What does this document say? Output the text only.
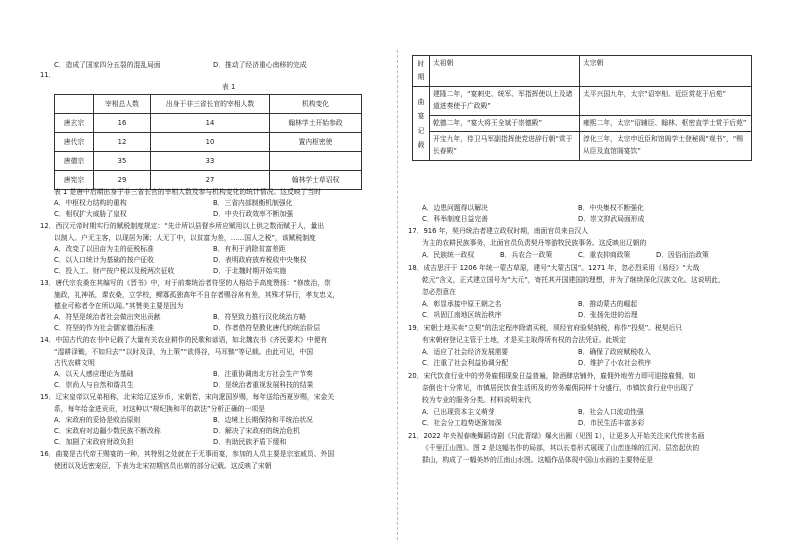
C．造成了国家四分五裂的混乱局面	D．推动了经济重心南移的完成
11．
表 1
	宰相总人数	出身于非三省长官的宰相人数	机构变化
唐玄宗	16	14	翰林学士开始参政
唐代宗	12	10	置内枢密使
唐德宗	35	33	
唐宪宗	29	27	翰林学士草诏权
表 1 是唐中后期出身于非三省长官的宰相人数及参与机构变化的统计情况。这反映了当时
A．中枢权力结构的重构	B．三省内部制衡机制强化
C．相权扩大威胁了皇权	D．中央行政效率不断加强
12．西汉元帝时期实行的赋税制度规定：“先计所以县督乡所应赋用以上供之数而赋于人，量出
以制入。户无主客，以现居为簿；人无丁中，以贫富为差，……国人之税”，该赋税制度
A．改变了以田亩为主的征税标准	B．有利于消除贫富差距
C．以人口统计为基础的按户征收	D．表明政府放弃税收中央集权
C．投入工、财产按户税以及税两次征收	D．于北魏时期开始实施
13．唐代宗农桑在其编写的《晋书》中，对于前秦统治者符坚的人格给予高度赞扬：“修废治，崇
施政，礼神祇，课农桑，立学校，鳏寡孤独高年不自存者赐谷帛有差，其殊才异行，孝友忠义，
德业可称者令在所以闻。”其赞美主要是因为
A．符坚是统治者社会做出突出贡献	B．符坚致力推行汉化统治方略
C．符坚的作为社会儒家德治标准	D．作者借符坚教化唐代的统治阶层
14．中国古代的农书中记载了大量有关农业耕作的民歌和谚语，如北魏农书《齐民要术》中便有
“湿耕泽锄，不如归去”“以时及泽，为上策”“欲得谷，马耳镞”等记载。由此可见，中国
古代农耕文明
A．以天人感应理论为基础	B．注重协调南北方社会生产节奏
C．崇尚人与自然和谐共生	D．是统治者重视发展科技的结果
15．辽宋皇帝以兄弟相称，北宋给辽送岁币，宋朝若，宋向遼国岁赐，每年送给西夏岁赐，宋金关
系，每年给金进贡贡，对这种以“规纪换和平的款法”分析正确的一项是
A．宋政府的妥协是败治原则	B．边境上长期保持和平统治状况
C．宋政府对边疆少数民族不断改称	D．解决了宋政府的统治危机
C．加剧了宋政府财政负担	D．有助民族矛盾下缓和
16．曲宴是古代帝王赐宴的一种，其特别之处就在于无事而宴，参加的人员主要是宗室戚员、外国
使团以及近密宠臣，下表为北宋初期宫员出席的部分记载。这反映了宋朝
时期	太祖朝	太宗朝
曲宴记载	建隆二年，“宴刺史、统军、军指挥使以上及诸道进奏使于广政殿”	太平兴国九年，太宗“诏宰相、近臣赏花于后苑”
	乾德二年，“宴大将王全斌于崇德殿”	雍熙二年，太宗“诏辅臣、翰林、枢密直学士赏于后苑”
	开宝九年，侍卫马军副指挥使党进辞行朝“赏于长春殿”	淳化三年，太宗申近臣和馆阁学士登秘阁“观书”，“赐从臣及直馆阁宴饮”
A．边患问题得以解决	B．中央集权不断强化
C．科举制度日益完善	D．崇文抑武局面形成
17．916 年，契丹统治者建立政权时期，南面官员来自汉人
为主的农耕民族事务，北面官员负责契丹等游牧民族事务。这反映出辽朝的
A．民族统一政权	B．兵农合一政策	C．重农抑商政策	D．因俗而治政策
18．成吉思汗于 1206 年统一蒙古草原，建号“大蒙古国”。1271 年，忽必烈采用《易经》“大哉
乾元”含义，正式建立国号为“大元”，寄托其开国建国的理想，并为了继续深化汉族文化。这说明此，
忽必烈意在
A．彰显承接中原王朝之名	B．推动蒙古的崛起
C．巩固江南地区统治秩序	D．张扬先进的治理
19．宋朝土地买卖“立契”的法定程序除请买税，须经官府验契纳税，称作“投契”。税契后只
有宋朝府登记主管于土地，才是买主取得所有权的合法凭证。此规定
A．适应了社会经济发展需要	B．确保了政府赋税收入
C．注重了社会利益协调分配	D．维护了小农社会秩序
20．宋代饮食行业中的劳务雇佣现象日益普遍，除酒肆店铺外，雇佣外地劳力即可迎接雇佣，如
奈倒也十分常见，市镇居民饮食生活所及的劳务雇佣同样十分盛行，市镇饮食行业中出现了
较为专业的服务分类。材料说明宋代
A．已出现资本主义萌芽	B．社会人口流动性强
C．社会分工趋势逐渐加深	D．市民生活丰富多彩
21．2022 年央视春晚舞蹈诗剧《只此青绿》爆火出圈（见图 1），让更多人开始关注宋代传世名画
《千里江山图》。图 2 是这幅名作的局部，其以长卷形式展现了山峦连绵的江河、层峦起伏的
群山，构成了一幅美妙的江南山水图。这幅作品体现中国山水画的主要特征是
